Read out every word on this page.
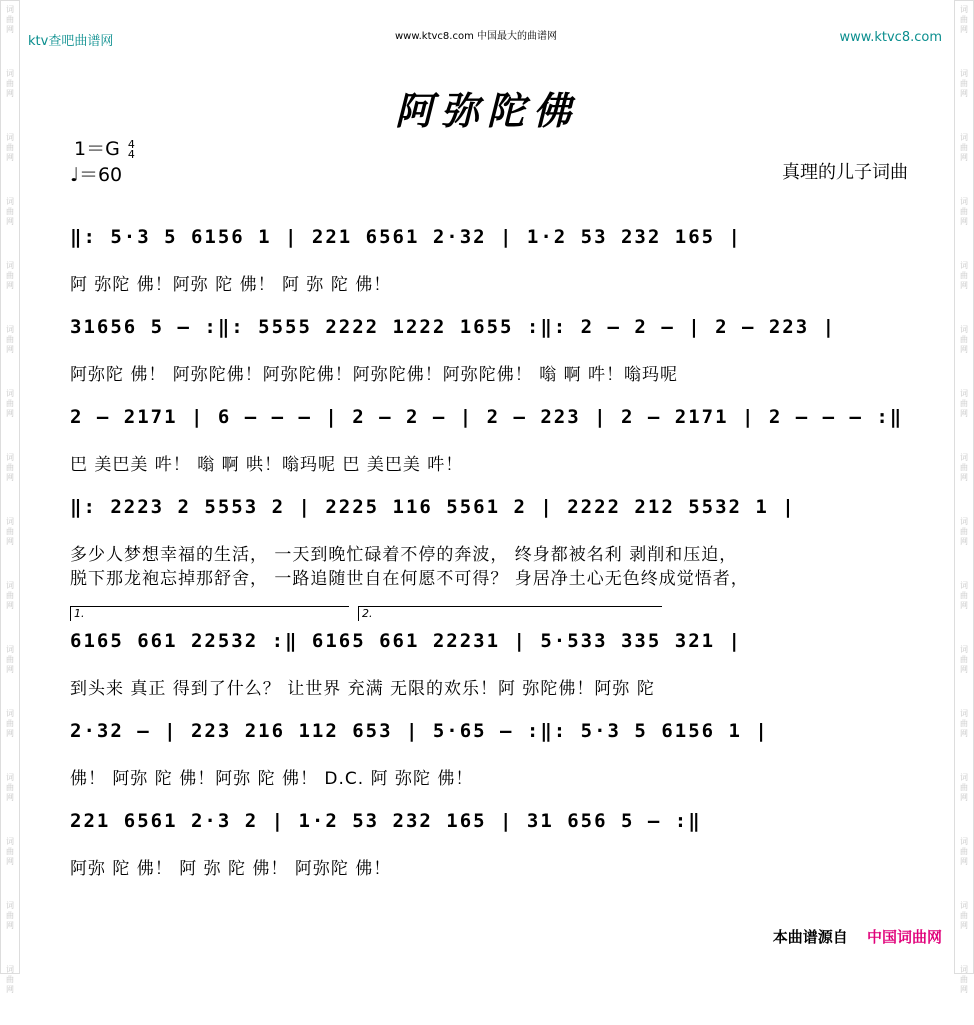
词
曲
网
词
曲
网
词
曲
网
词
曲
网
词
曲
网
词
曲
网
词
曲
网
词
曲
网
词
曲
网
词
曲
网
词
曲
网
词
曲
网
词
曲
网
词
曲
网
词
曲
网
词
曲
网
词
曲
网
词
曲
网
词
曲
网
词
曲
网
词
曲
网
词
曲
网
词
曲
网
词
曲
网
词
曲
网
词
曲
网
词
曲
网
词
曲
网
词
曲
网
词
曲
网
词
曲
网
词
曲
网
ktv查吧曲谱网	www.ktvc8.com 中国最大的曲谱网	www.ktvc8.com
阿弥陀佛
1＝G 4
4
♩＝60	真理的儿子词曲
‖: 5·3 5 6156 1 | 221 6561 2·32 | 1·2 53 232 165 |
阿 弥陀 佛！阿弥 陀 佛！ 阿 弥 陀 佛！
31656 5 – :‖: 5555 2222 1222 1655 :‖: 2 – 2 – | 2 – 223 |
阿弥陀 佛！ 阿弥陀佛！阿弥陀佛！阿弥陀佛！阿弥陀佛！ 嗡 啊 吽！嗡玛呢
2 – 2171 | 6 – – – | 2 – 2 – | 2 – 223 | 2 – 2171 | 2 – – – :‖
巴 美巴美 吽！ 嗡 啊 哄！嗡玛呢 巴 美巴美 吽！
‖: 2223 2 5553 2 | 2225 116 5561 2 | 2222 212 5532 1 |
多少人梦想幸福的生活， 一天到晚忙碌着不停的奔波， 终身都被名利 剥削和压迫，
脱下那龙袍忘掉那舒舍， 一路追随世自在何愿不可得？ 身居净土心无色终成觉悟者，
1.	2.
6165 661 22532 :‖ 6165 661 22231 | 5·533 335 321 |
到头来 真正 得到了什么？ 让世界 充满 无限的欢乐！阿 弥陀佛！阿弥 陀
2·32 – | 223 216 112 653 | 5·65 – :‖: 5·3 5 6156 1 |
佛！ 阿弥 陀 佛！阿弥 陀 佛！ D.C. 阿 弥陀 佛！
221 6561 2·3 2 | 1·2 53 232 165 | 31 656 5 – :‖
阿弥 陀 佛！ 阿 弥 陀 佛！ 阿弥陀 佛！
本曲谱源自 中国词曲网
